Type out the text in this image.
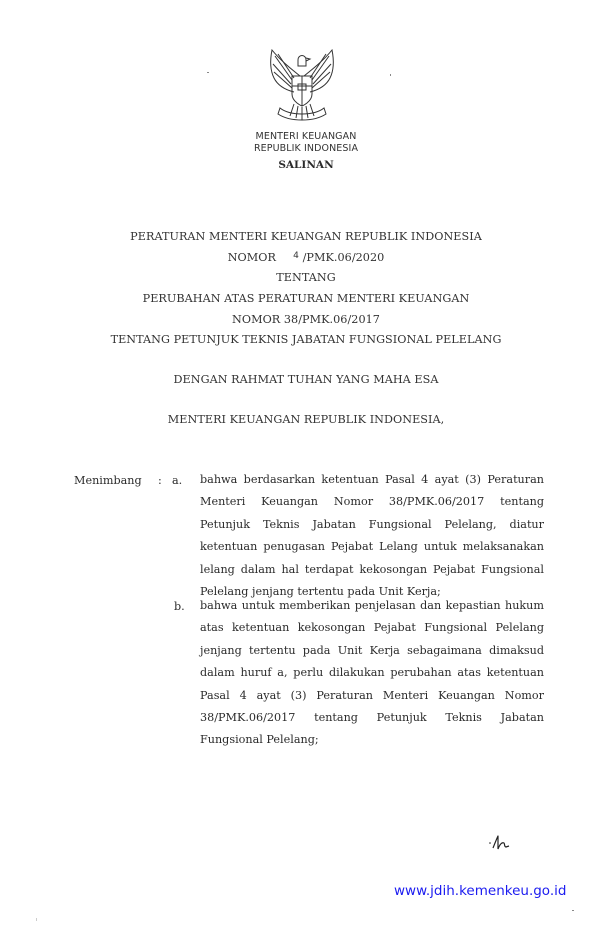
MENTERI KEUANGAN
REPUBLIK INDONESIA
SALINAN
PERATURAN MENTERI KEUANGAN REPUBLIK INDONESIA
NOMOR $^4$ /PMK.06/2020
TENTANG
PERUBAHAN ATAS PERATURAN MENTERI KEUANGAN
NOMOR 38/PMK.06/2017
TENTANG PETUNJUK TEKNIS JABATAN FUNGSIONAL PELELANG
DENGAN RAHMAT TUHAN YANG MAHA ESA
MENTERI KEUANGAN REPUBLIK INDONESIA,
Menimbang : a. bahwa berdasarkan ketentuan Pasal 4 ayat (3) Peraturan Menteri Keuangan Nomor 38/PMK.06/2017 tentang Petunjuk Teknis Jabatan Fungsional Pelelang, diatur ketentuan penugasan Pejabat Lelang untuk melaksanakan lelang dalam hal terdapat kekosongan Pejabat Fungsional Pelelang jenjang tertentu pada Unit Kerja;
b. bahwa untuk memberikan penjelasan dan kepastian hukum atas ketentuan kekosongan Pejabat Fungsional Pelelang jenjang tertentu pada Unit Kerja sebagaimana dimaksud dalam huruf a, perlu dilakukan perubahan atas ketentuan Pasal 4 ayat (3) Peraturan Menteri Keuangan Nomor 38/PMK.06/2017 tentang Petunjuk Teknis Jabatan Fungsional Pelelang;
www.jdih.kemenkeu.go.id
